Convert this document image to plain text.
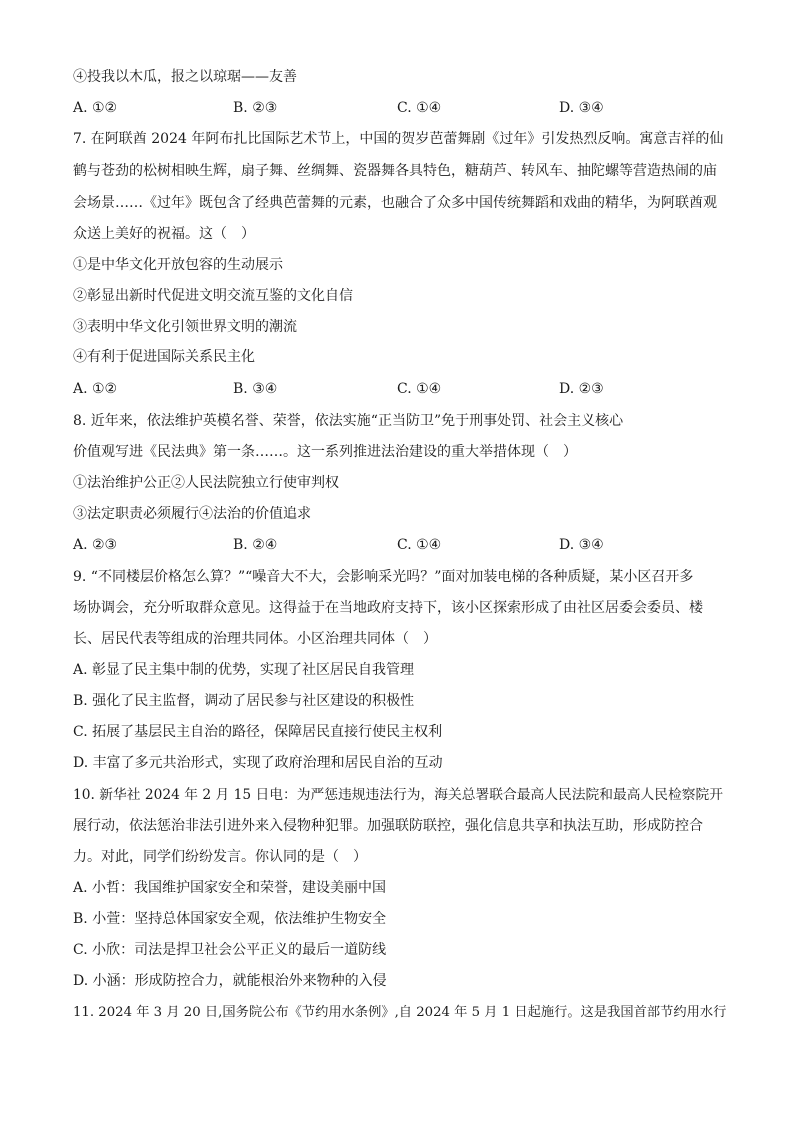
④投我以木瓜，报之以琼琚——友善
A. ①②	B. ②③	C. ①④	D. ③④
7. 在阿联酋 2024 年阿布扎比国际艺术节上，中国的贺岁芭蕾舞剧《过年》引发热烈反响。寓意吉祥的仙
鹤与苍劲的松树相映生辉，扇子舞、丝绸舞、瓷器舞各具特色，糖葫芦、转风车、抽陀螺等营造热闹的庙
会场景……《过年》既包含了经典芭蕾舞的元素，也融合了众多中国传统舞蹈和戏曲的精华，为阿联酋观
众送上美好的祝福。这（　）
①是中华文化开放包容的生动展示
②彰显出新时代促进文明交流互鉴的文化自信
③表明中华文化引领世界文明的潮流
④有利于促进国际关系民主化
A. ①②	B. ③④	C. ①④	D. ②③
8. 近年来，依法维护英模名誉、荣誉，依法实施“正当防卫”免于刑事处罚、社会主义核心
价值观写进《民法典》第一条……。这一系列推进法治建设的重大举措体现（　）
①法治维护公正②人民法院独立行使审判权
③法定职责必须履行④法治的价值追求
A. ②③	B. ②④	C. ①④	D. ③④
9. “不同楼层价格怎么算？”“噪音大不大，会影响采光吗？”面对加装电梯的各种质疑，某小区召开多
场协调会，充分听取群众意见。这得益于在当地政府支持下，该小区探索形成了由社区居委会委员、楼
长、居民代表等组成的治理共同体。小区治理共同体（　）
A. 彰显了民主集中制的优势，实现了社区居民自我管理
B. 强化了民主监督，调动了居民参与社区建设的积极性
C. 拓展了基层民主自治的路径，保障居民直接行使民主权利
D. 丰富了多元共治形式，实现了政府治理和居民自治的互动
10. 新华社 2024 年 2 月 15 日电：为严惩违规违法行为，海关总署联合最高人民法院和最高人民检察院开
展行动，依法惩治非法引进外来入侵物种犯罪。加强联防联控，强化信息共享和执法互助，形成防控合
力。对此，同学们纷纷发言。你认同的是（　）
A. 小哲：我国维护国家安全和荣誉，建设美丽中国
B. 小萱：坚持总体国家安全观，依法维护生物安全
C. 小欣：司法是捍卫社会公平正义的最后一道防线
D. 小涵：形成防控合力，就能根治外来物种的入侵
11. 2024 年 3 月 20 日,国务院公布《节约用水条例》,自 2024 年 5 月 1 日起施行。这是我国首部节约用水行
